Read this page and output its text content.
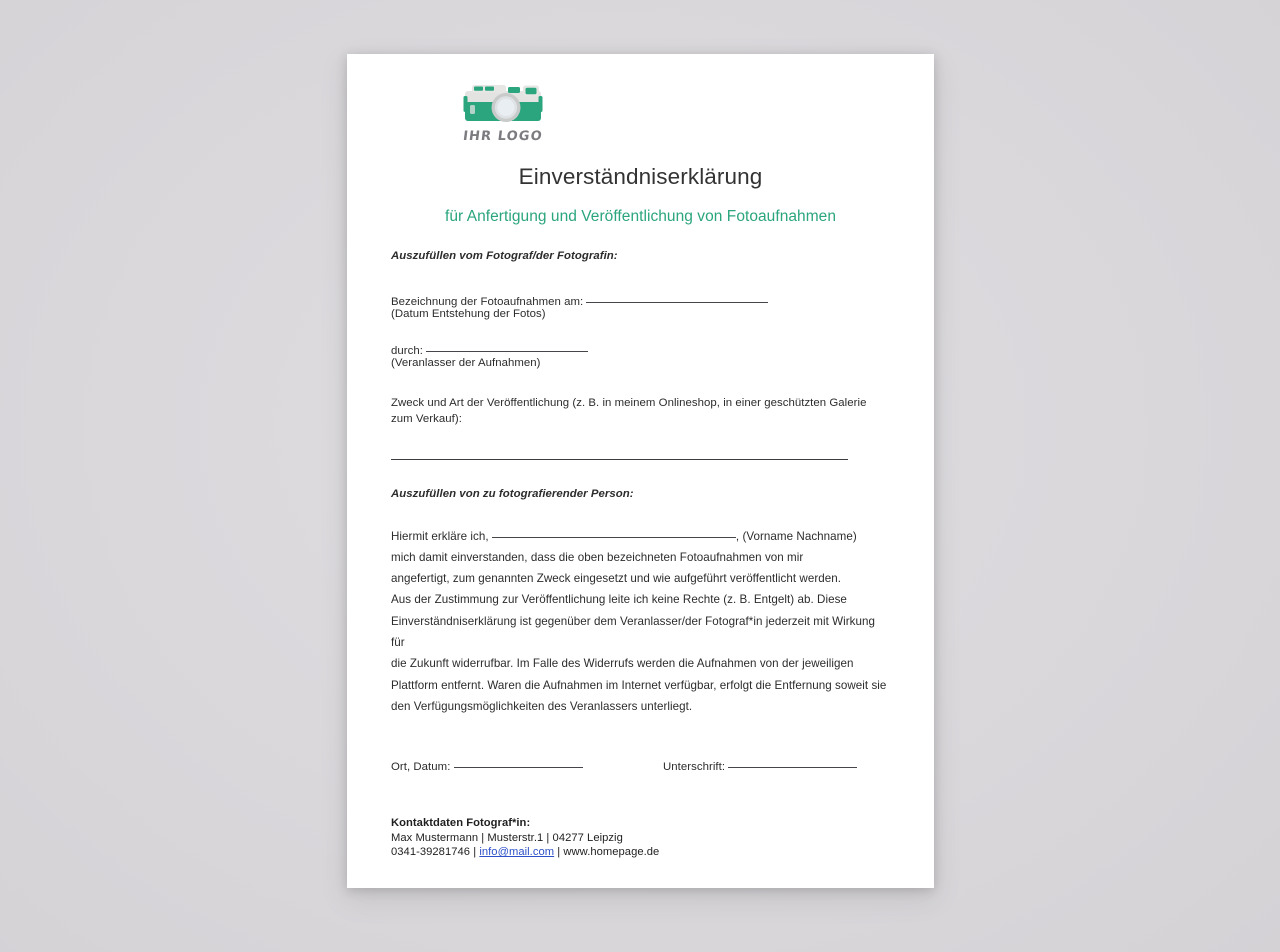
IHR LOGO
Einverständniserklärung
für Anfertigung und Veröffentlichung von Fotoaufnahmen
Auszufüllen vom Fotograf/der Fotografin:
Bezeichnung der Fotoaufnahmen am:
(Datum Entstehung der Fotos)
durch:
(Veranlasser der Aufnahmen)
Zweck und Art der Veröffentlichung (z. B. in meinem Onlineshop, in einer geschützten Galerie zum Verkauf):
Auszufüllen von zu fotografierender Person:
Hiermit erkläre ich,	, (Vorname Nachname)
mich damit einverstanden, dass die oben bezeichneten Fotoaufnahmen von mir
angefertigt, zum genannten Zweck eingesetzt und wie aufgeführt veröffentlicht werden.
Aus der Zustimmung zur Veröffentlichung leite ich keine Rechte (z. B. Entgelt) ab. Diese
Einverständniserklärung ist gegenüber dem Veranlasser/der Fotograf*in jederzeit mit Wirkung für
die Zukunft widerrufbar. Im Falle des Widerrufs werden die Aufnahmen von der jeweiligen
Plattform entfernt. Waren die Aufnahmen im Internet verfügbar, erfolgt die Entfernung soweit sie
den Verfügungsmöglichkeiten des Veranlassers unterliegt.
Ort, Datum:	Unterschrift:
Kontaktdaten Fotograf*in:
Max Mustermann | Musterstr.1 | 04277 Leipzig
0341-39281746 | info@mail.com | www.homepage.de
